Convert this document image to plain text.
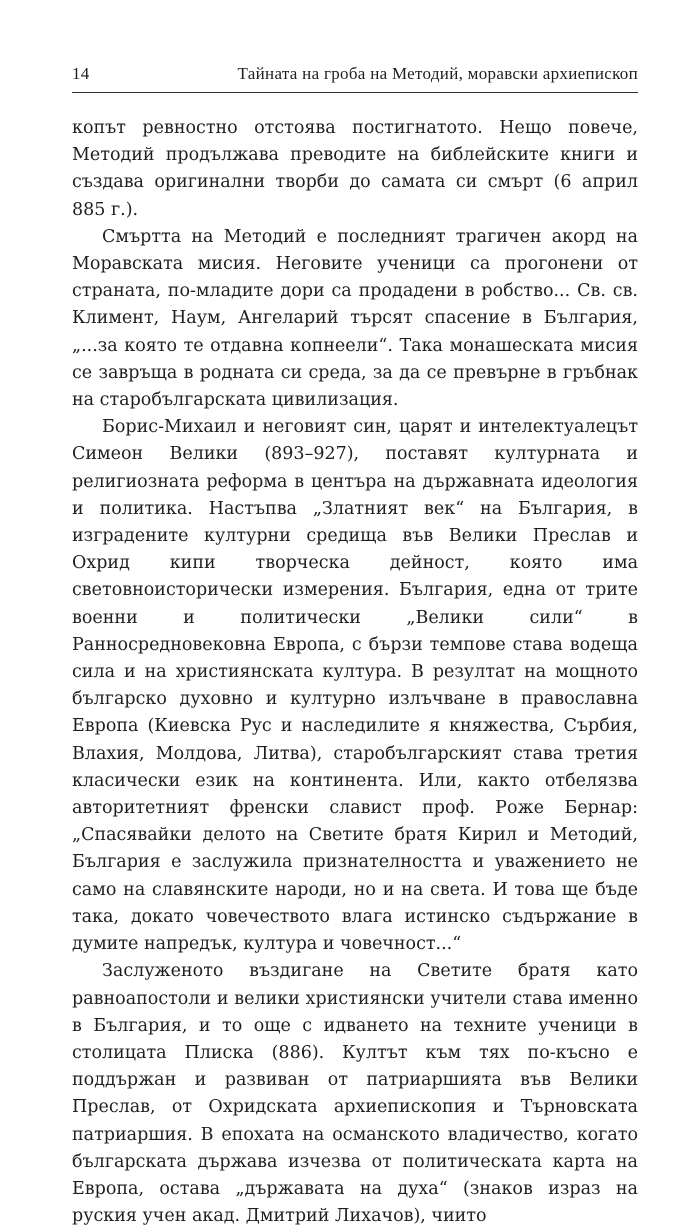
14	Тайната на гроба на Методий, моравски архиепископ

копът ревностно отстоява постигнатото. Нещо повече, Методий продължава преводите на библейските книги и създава оригинални творби до самата си смърт (6 април 885 г.).

Смъртта на Методий е последният трагичен акорд на Моравската мисия. Неговите ученици са прогонени от страната, по-младите дори са продадени в робство... Св. св. Климент, Наум, Ангеларий търсят спасение в България, „...за която те отдавна копнеели“. Така монашеската мисия се завръща в родната си среда, за да се превърне в гръбнак на старобългарската цивилизация.

Борис-Михаил и неговият син, царят и интелектуалецът Симеон Велики (893–927), поставят културната и религиозната реформа в центъра на държавната идеология и политика. Настъпва „Златният век“ на България, в изградените културни средища във Велики Преслав и Охрид кипи творческа дейност, която има световноисторически измерения. България, една от трите военни и политически „Велики сили“ в Ранносредновековна Европа, с бързи темпове става водеща сила и на християнската култура. В резултат на мощното българско духовно и културно излъчване в православна Европа (Киевска Рус и наследилите я княжества, Сърбия, Влахия, Молдова, Литва), старобългарският става третия класически език на континента. Или, както отбелязва авторитетният френски славист проф. Роже Бернар: „Спасявайки делото на Светите братя Кирил и Методий, България е заслужила признателността и уважението не само на славянските народи, но и на света. И това ще бъде така, докато човечеството влага истинско съдържание в думите напредък, култура и човечност...“

Заслуженото въздигане на Светите братя като равноапостоли и велики християнски учители става именно в България, и то още с идването на техните ученици в столицата Плиска (886). Култът към тях по-късно е поддържан и развиван от патриаршията във Велики Преслав, от Охридската архиепископия и Търновската патриаршия. В епохата на османското владичество, когато българската държава изчезва от политическата карта на Европа, остава „държавата на духа“ (знаков израз на руския учен акад. Дмитрий Лихачов), чиито
